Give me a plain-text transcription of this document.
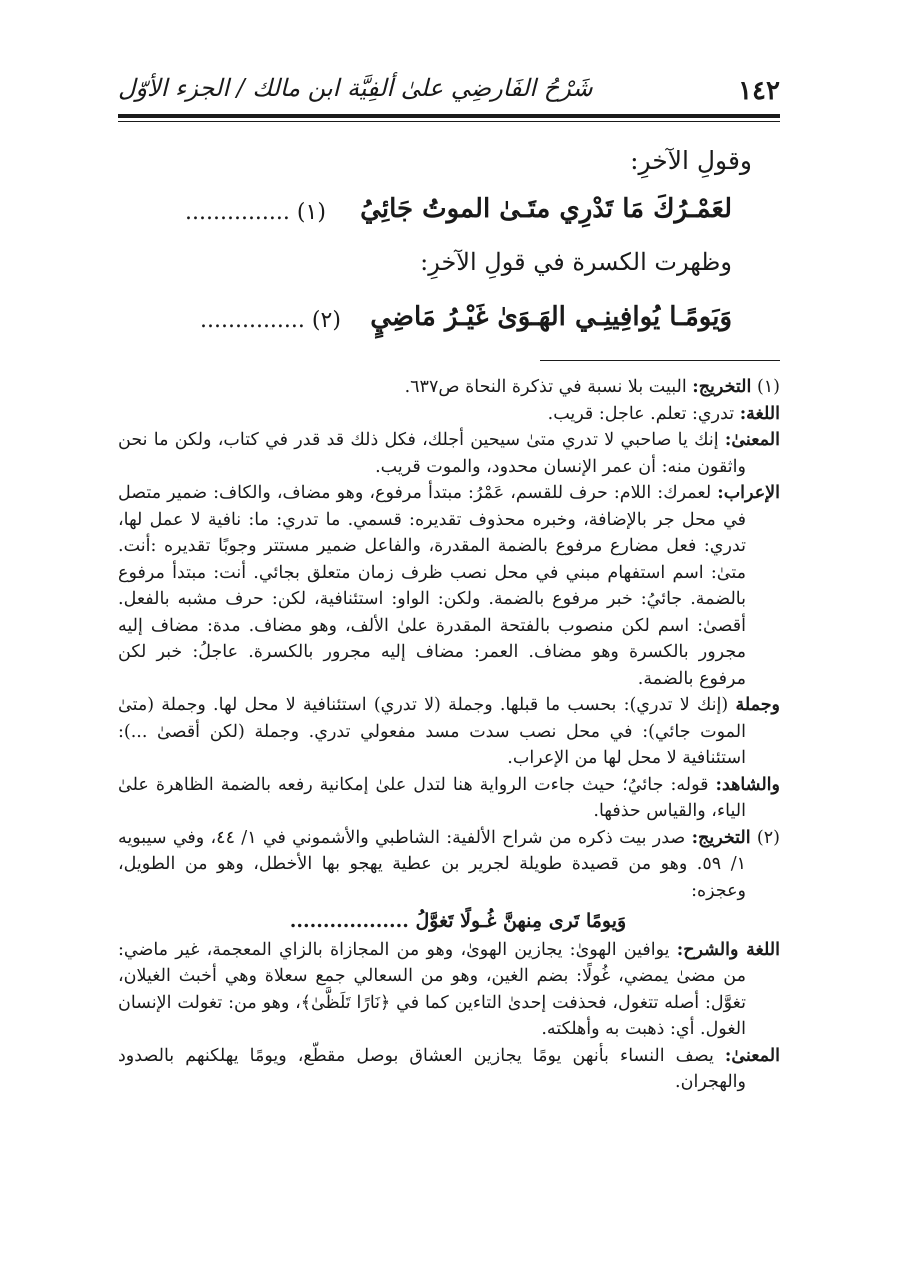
١٤٢
شَرْحُ الفَارضِي علىٰ ألفِيَّة ابن مالك / الجزء الأوّل
وقولِ الآخرِ:
لعَمْـرُكَ مَا تَدْرِي متَـىٰ الموتُ جَائِيُ
............... (١)
وظهرت الكسرة في قولِ الآخرِ:
وَيَومًـا يُوافِينِـي الهَـوَىٰ غَيْـرُ مَاضِيٍ
............... (٢)

(١) التخريج: البيت بلا نسبة في تذكرة النحاة ص٦٣٧.

اللغة: تدري: تعلم. عاجل: قريب.

المعنىٰ: إنك يا صاحبي لا تدري متىٰ سيحين أجلك، فكل ذلك قد قدر في كتاب، ولكن ما نحن واثقون منه: أن عمر الإنسان محدود، والموت قريب.

الإعراب: لعمرك: اللام: حرف للقسم، عَمْرُ: مبتدأ مرفوع، وهو مضاف، والكاف: ضمير متصل في محل جر بالإضافة، وخبره محذوف تقديره: قسمي. ما تدري: ما: نافية لا عمل لها، تدري: فعل مضارع مرفوع بالضمة المقدرة، والفاعل ضمير مستتر وجوبًا تقديره :أنت. متىٰ: اسم استفهام مبني في محل نصب ظرف زمان متعلق بجائي. أنت: مبتدأ مرفوع بالضمة. جائيُ: خبر مرفوع بالضمة. ولكن: الواو: استئنافية، لكن: حرف مشبه بالفعل. أقصىٰ: اسم لكن منصوب بالفتحة المقدرة علىٰ الألف، وهو مضاف. مدة: مضاف إليه مجرور بالكسرة وهو مضاف. العمر: مضاف إليه مجرور بالكسرة. عاجلُ: خبر لكن مرفوع بالضمة.

وجملة (إنك لا تدري): بحسب ما قبلها. وجملة (لا تدري) استئنافية لا محل لها. وجملة (متىٰ الموت جائي): في محل نصب سدت مسد مفعولي تدري. وجملة (لكن أقصىٰ ...): استئنافية لا محل لها من الإعراب.

والشاهد: قوله: جائيُ؛ حيث جاءت الرواية هنا لتدل علىٰ إمكانية رفعه بالضمة الظاهرة علىٰ الياء، والقياس حذفها.

(٢) التخريج: صدر بيت ذكره من شراح الألفية: الشاطبي والأشموني في ١/ ٤٤، وفي سيبويه ١/ ٥٩. وهو من قصيدة طويلة لجرير بن عطية يهجو بها الأخطل، وهو من الطويل، وعجزه:

وَيومًا تَرى مِنهنَّ غُـولًا تَغوَّلُ ..................

اللغة والشرح: يوافين الهوىٰ: يجازين الهوىٰ، وهو من المجازاة بالزاي المعجمة، غير ماضي: من مضىٰ يمضي، غُولًا: بضم الغين، وهو من السعالي جمع سعلاة وهي أخبث الغيلان، تغوَّل: أصله تتغول، فحذفت إحدىٰ التاءين كما في ﴿نَارًا تَلَظَّىٰ﴾، وهو من: تغولت الإنسان الغول. أي: ذهبت به وأهلكته.

المعنىٰ: يصف النساء بأنهن يومًا يجازين العشاق بوصل مقطّع، ويومًا يهلكنهم بالصدود والهجران.
